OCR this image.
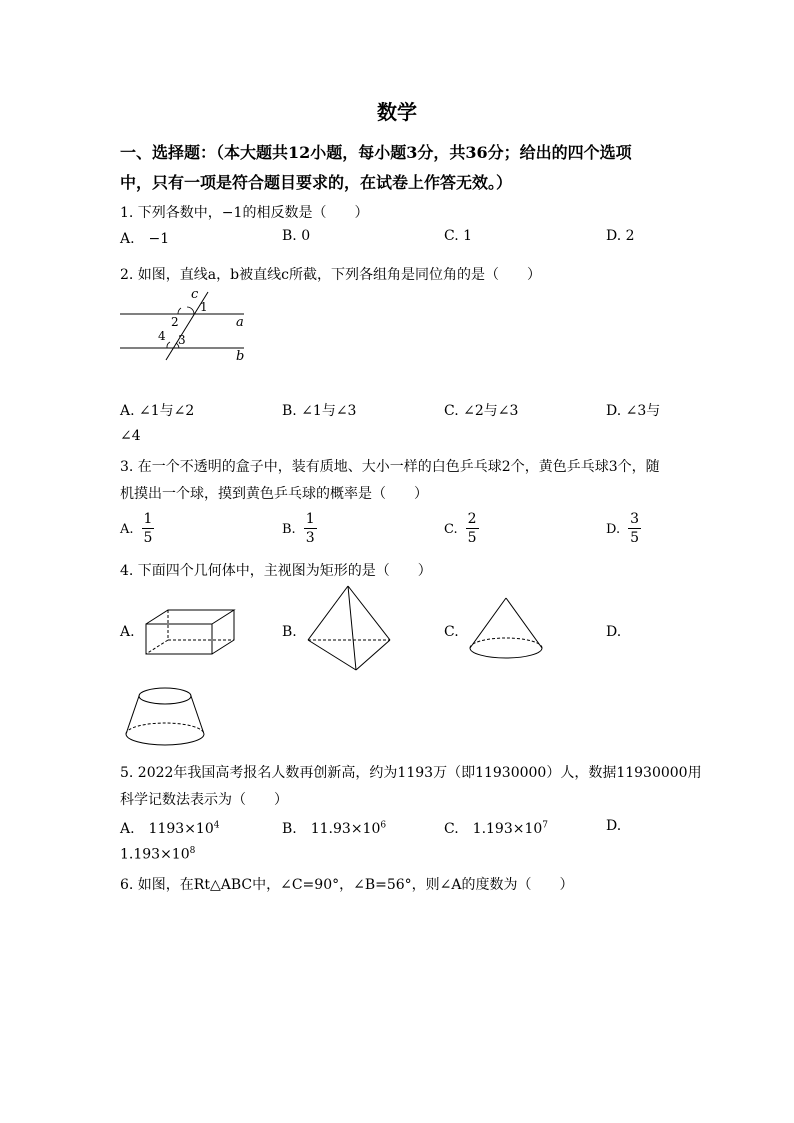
数学
一、选择题：（本大题共12小题，每小题3分，共36分；给出的四个选项
中，只有一项是符合题目要求的，在试卷上作答无效。）
1. 下列各数中，−1的相反数是（　　）
A.　−1	B. 0	C. 1	D. 2
2. 如图，直线a，b被直线c所截，下列各组角是同位角的是（　　）
c
1
2
3
4
a
b
A. ∠1与∠2	B. ∠1与∠3	C. ∠2与∠3	D. ∠3与
∠4
3. 在一个不透明的盒子中，装有质地、大小一样的白色乒乓球2个，黄色乒乓球3个，随
机摸出一个球，摸到黄色乒乓球的概率是（　　）
A. $\frac{1}{5}$	B. $\frac{1}{3}$	C. $\frac{2}{5}$	D. $\frac{3}{5}$
4. 下面四个几何体中，主视图为矩形的是（　　）
A.	B.	C.	D.
5. 2022年我国高考报名人数再创新高，约为1193万（即11930000）人，数据11930000用
科学记数法表示为（　　）
A.　$1193\times 10^4$	B.　$11.93\times 10^6$	C.　$1.193\times 10^7$	D.
$1.193\times 10^8$
6. 如图，在Rt△ABC中，∠C=90°，∠B=56°，则∠A的度数为（　　）
